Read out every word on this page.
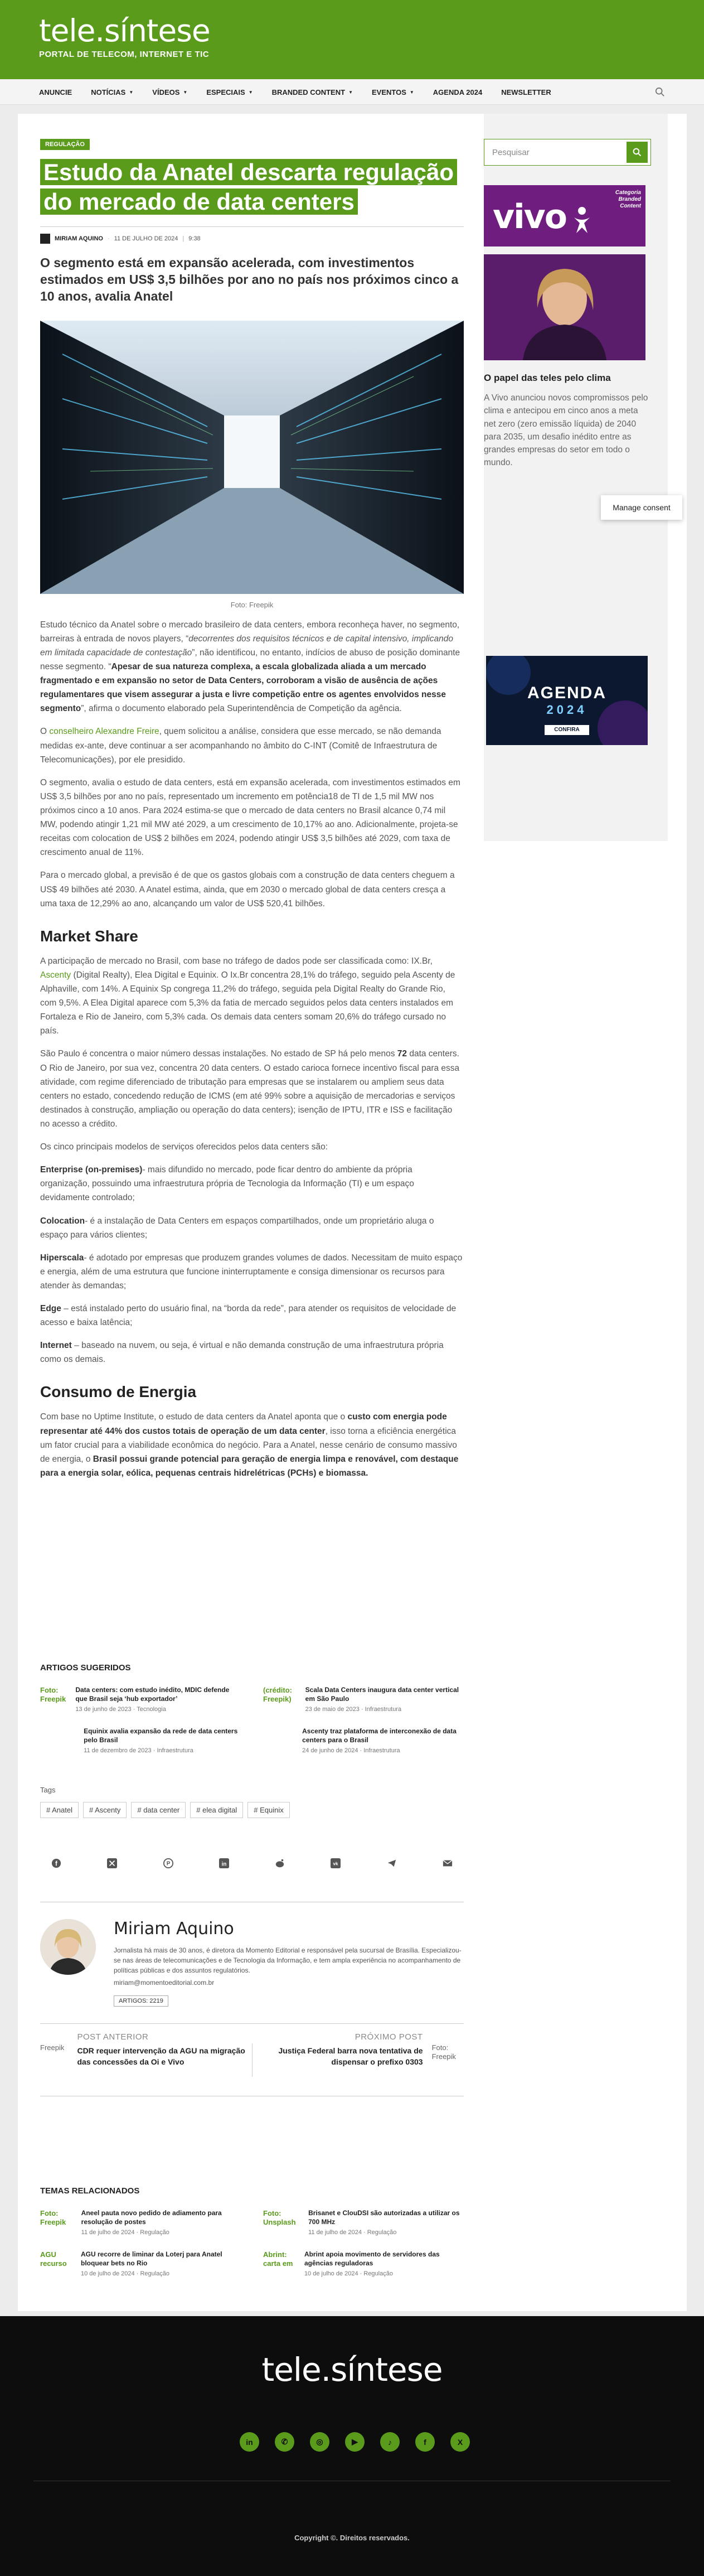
tele.síntese
PORTAL DE TELECOM, INTERNET E TIC
ANUNCIE	NOTÍCIAS ▼	VÍDEOS ▼	ESPECIAIS ▼	BRANDED CONTENT ▼	EVENTOS ▼	AGENDA 2024	NEWSLETTER
REGULAÇÃO
Estudo da Anatel descarta regulação do mercado de data centers
MIRIAM AQUINO · 11 DE JULHO DE 2024 | 9:38
O segmento está em expansão acelerada, com investimentos estimados em US$ 3,5 bilhões por ano no país nos próximos cinco a 10 anos, avalia Anatel
Foto: Freepik

Estudo técnico da Anatel sobre o mercado brasileiro de data centers, embora reconheça haver, no segmento, barreiras à entrada de novos players, “decorrentes dos requisitos técnicos e de capital intensivo, implicando em limitada capacidade de contestação”, não identificou, no entanto, indícios de abuso de posição dominante nesse segmento. “Apesar de sua natureza complexa, a escala globalizada aliada a um mercado fragmentado e em expansão no setor de Data Centers, corroboram a visão de ausência de ações regulamentares que visem assegurar a justa e livre competição entre os agentes envolvidos nesse segmento”, afirma o documento elaborado pela Superintendência de Competição da agência.

O conselheiro Alexandre Freire, quem solicitou a análise, considera que esse mercado, se não demanda medidas ex-ante, deve continuar a ser acompanhando no âmbito do C-INT (Comitê de Infraestrutura de Telecomunicações), por ele presidido.

O segmento, avalia o estudo de data centers, está em expansão acelerada, com investimentos estimados em US$ 3,5 bilhões por ano no país, representado um incremento em potência18 de TI de 1,5 mil MW nos próximos cinco a 10 anos. Para 2024 estima-se que o mercado de data centers no Brasil alcance 0,74 mil MW, podendo atingir 1,21 mil MW até 2029, a um crescimento de 10,17% ao ano. Adicionalmente, projeta-se receitas com colocation de US$ 2 bilhões em 2024, podendo atingir US$ 3,5 bilhões até 2029, com taxa de crescimento anual de 11%.

Para o mercado global, a previsão é de que os gastos globais com a construção de data centers cheguem a US$ 49 bilhões até 2030. A Anatel estima, ainda, que em 2030 o mercado global de data centers cresça a uma taxa de 12,29% ao ano, alcançando um valor de US$ 520,41 bilhões.

Market Share

A participação de mercado no Brasil, com base no tráfego de dados pode ser classificada como: IX.Br, Ascenty (Digital Realty), Elea Digital e Equinix. O Ix.Br concentra 28,1% do tráfego, seguido pela Ascenty de Alphaville, com 14%. A Equinix Sp congrega 11,2% do tráfego, seguida pela Digital Realty do Grande Rio, com 9,5%. A Elea Digital aparece com 5,3% da fatia de mercado seguidos pelos data centers instalados em Fortaleza e Rio de Janeiro, com 5,3% cada. Os demais data centers somam 20,6% do tráfego cursado no país.

São Paulo é concentra o maior número dessas instalações. No estado de SP há pelo menos 72 data centers. O Rio de Janeiro, por sua vez, concentra 20 data centers. O estado carioca fornece incentivo fiscal para essa atividade, com regime diferenciado de tributação para empresas que se instalarem ou ampliem seus data centers no estado, concedendo redução de ICMS (em até 99% sobre a aquisição de mercadorias e serviços destinados à construção, ampliação ou operação do data centers); isenção de IPTU, ITR e ISS e facilitação no acesso a crédito.

Os cinco principais modelos de serviços oferecidos pelos data centers são:

Enterprise (on-premises)- mais difundido no mercado, pode ficar dentro do ambiente da própria organização, possuindo uma infraestrutura própria de Tecnologia da Informação (TI) e um espaço devidamente controlado;

Colocation- é a instalação de Data Centers em espaços compartilhados, onde um proprietário aluga o espaço para vários clientes;

Hiperscala- é adotado por empresas que produzem grandes volumes de dados. Necessitam de muito espaço e energia, além de uma estrutura que funcione ininterruptamente e consiga dimensionar os recursos para atender às demandas;

Edge – está instalado perto do usuário final, na “borda da rede”, para atender os requisitos de velocidade de acesso e baixa latência;

Internet – baseado na nuvem, ou seja, é virtual e não demanda construção de uma infraestrutura própria como os demais.

Consumo de Energia

Com base no Uptime Institute, o estudo de data centers da Anatel aponta que o custo com energia pode representar até 44% dos custos totais de operação de um data center, isso torna a eficiência energética um fator crucial para a viabilidade econômica do negócio. Para a Anatel, nesse cenário de consumo massivo de energia, o Brasil possui grande potencial para geração de energia limpa e renovável, com destaque para a energia solar, eólica, pequenas centrais hidrelétricas (PCHs) e biomassa.

ARTIGOS SUGERIDOS
Foto: Freepik
Data centers: com estudo inédito, MDIC defende que Brasil seja ‘hub exportador’
13 de junho de 2023 · Tecnologia
(crédito: Freepik)
Scala Data Centers inaugura data center vertical em São Paulo
23 de maio de 2023 · Infraestrutura
Equinix avalia expansão da rede de data centers pelo Brasil
11 de dezembro de 2023 · Infraestrutura
Ascenty traz plataforma de interconexão de data centers para o Brasil
24 de junho de 2024 · Infraestrutura
Tags
# Anatel	# Ascenty	# data center	# elea digital	# Equinix
f	P	in	vk
Miriam Aquino
Jornalista há mais de 30 anos, é diretora da Momento Editorial e responsável pela sucursal de Brasília. Especializou-se nas áreas de telecomunicações e de Tecnologia da Informação, e tem ampla experiência no acompanhamento de políticas públicas e dos assuntos regulatórios.
miriam@momentoeditorial.com.br
ARTIGOS: 2219
Freepik
POST ANTERIOR
CDR requer intervenção da AGU na migração das concessões da Oi e Vivo
PRÓXIMO POST
Justiça Federal barra nova tentativa de dispensar o prefixo 0303
Foto: Freepik
TEMAS RELACIONADOS
Foto: Freepik
Aneel pauta novo pedido de adiamento para resolução de postes
11 de julho de 2024 · Regulação
Foto: Unsplash
Brisanet e ClouDSI são autorizadas a utilizar os 700 MHz
11 de julho de 2024 · Regulação
AGU recurso
AGU recorre de liminar da Loterj para Anatel bloquear bets no Rio
10 de julho de 2024 · Regulação
Abrint: carta em
Abrint apoia movimento de servidores das agências reguladoras
10 de julho de 2024 · Regulação
Pesquisar
vivo
Categoria Branded Content
O papel das teles pelo clima
A Vivo anunciou novos compromissos pelo clima e antecipou em cinco anos a meta net zero (zero emissão líquida) de 2040 para 2035, um desafio inédito entre as grandes empresas do setor em todo o mundo.
Manage consent
AGENDA
2024
CONFIRA
tele.síntese
in	✆	◎	▶	♪	f	X
Copyright ©. Direitos reservados.
